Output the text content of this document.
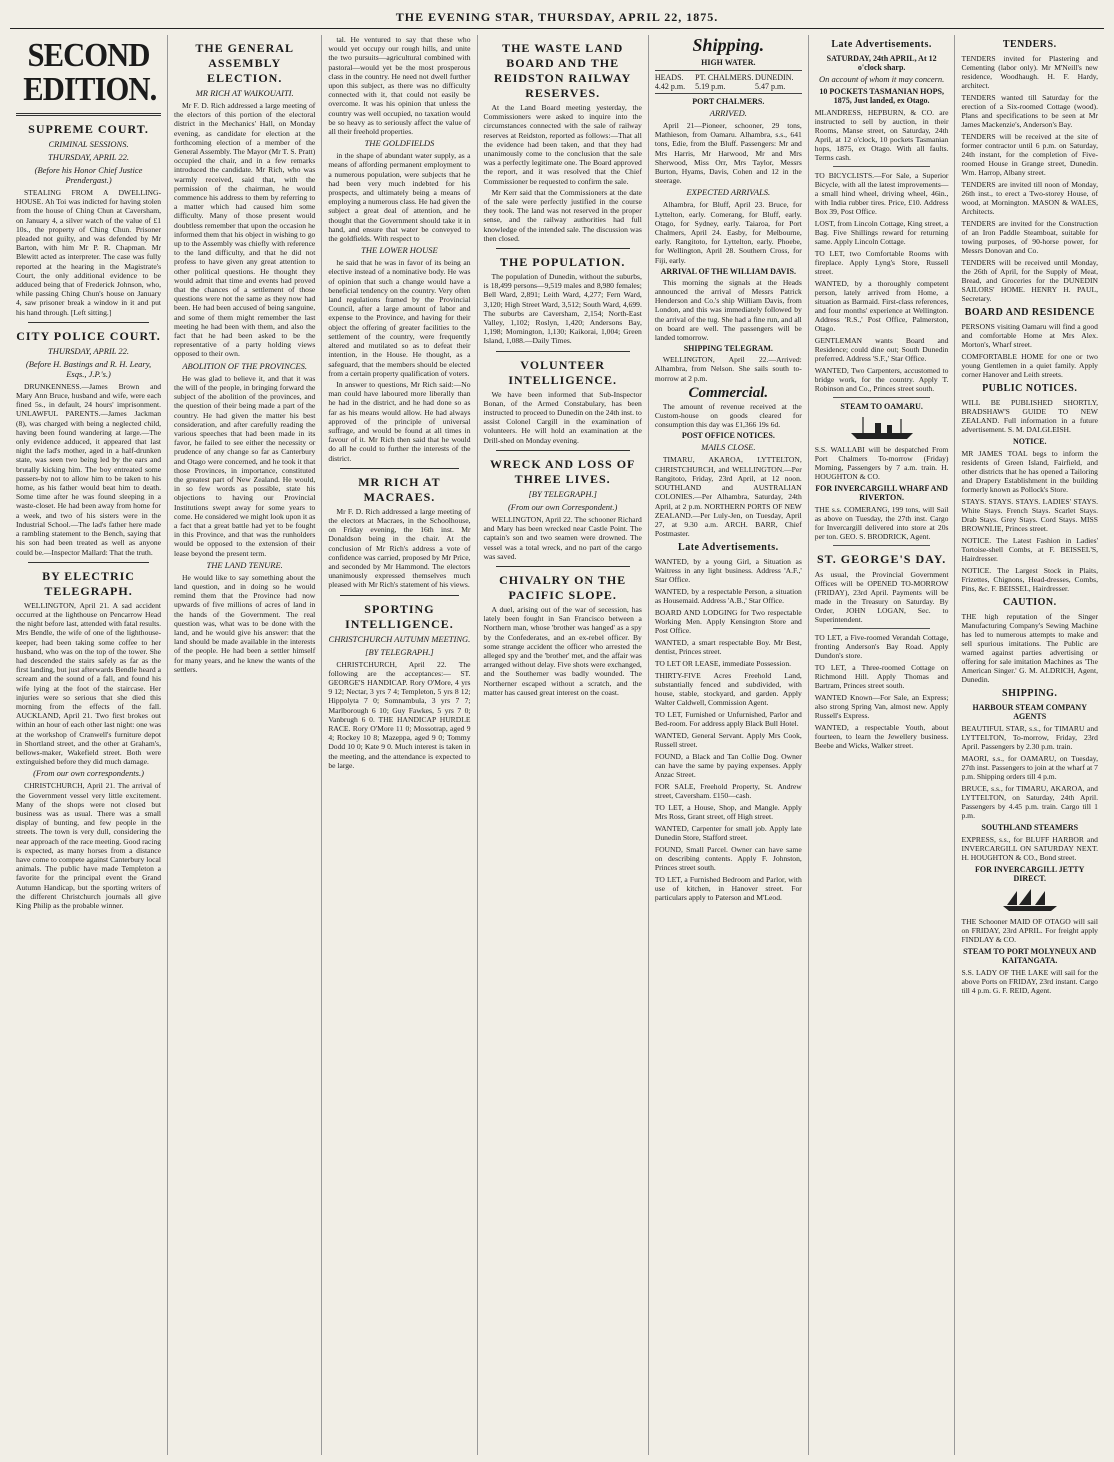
THE EVENING STAR, THURSDAY, APRIL 22, 1875.
SECOND EDITION.
SUPREME COURT.
CRIMINAL SESSIONS.
THURSDAY, APRIL 22.
(Before his Honor Chief Justice Prendergast.)

STEALING FROM A DWELLING-HOUSE. Ah Toi was indicted for having stolen from the house of Ching Chun at Caversham, on January 4, a silver watch of the value of £1 10s., the property of Ching Chun. Prisoner pleaded not guilty, and was defended by Mr Barton, with him Mr P. R. Chapman. Mr Blewitt acted as interpreter. The case was fully reported at the hearing in the Magistrate's Court, the only additional evidence to be adduced being that of Frederick Johnson, who, while passing Ching Chun's house on January 4, saw prisoner break a window in it and put his hand through. [Left sitting.]

CITY POLICE COURT.
THURSDAY, APRIL 22.
(Before H. Bastings and R. H. Leary, Esqs., J.P.'s.)

DRUNKENNESS.—James Brown and Mary Ann Bruce, husband and wife, were each fined 5s., in default, 24 hours' imprisonment. UNLAWFUL PARENTS.—James Jackman (8), was charged with being a neglected child, having been found wandering at large.—The only evidence adduced, it appeared that last night the lad's mother, aged in a half-drunken state, was seen two being led by the ears and brutally kicking him. The boy entreated some passers-by not to allow him to be taken to his home, as his father would beat him to death. Some time after he was found sleeping in a waste-closet. He had been away from home for a week, and two of his sisters were in the Industrial School.—The lad's father here made a rambling statement to the Bench, saying that his son had been treated as well as anyone could be.—Inspector Mallard: That the truth.

BY ELECTRIC TELEGRAPH.

WELLINGTON, April 21. A sad accident occurred at the lighthouse on Pencarrow Head the night before last, attended with fatal results. Mrs Bendle, the wife of one of the lighthouse-keeper, had been taking some coffee to her husband, who was on the top of the tower. She had descended the stairs safely as far as the first landing, but just afterwards Bendle heard a scream and the sound of a fall, and found his wife lying at the foot of the staircase. Her injuries were so serious that she died this morning from the effects of the fall. AUCKLAND, April 21. Two first brokes out within an hour of each other last night: one was at the workshop of Cranwell's furniture depot in Shortland street, and the other at Graham's, bellows-maker, Wakefield street. Both were extinguished before they did much damage.

(From our own correspondents.)

CHRISTCHURCH, April 21. The arrival of the Government vessel very little excitement. Many of the shops were not closed but business was as usual. There was a small display of bunting, and few people in the streets. The town is very dull, considering the near approach of the race meeting. Good racing is expected, as many horses from a distance have come to compete against Canterbury local animals. The public have made Templeton a favorite for the principal event the Grand Autumn Handicap, but the sporting writers of the different Christchurch journals all give King Philip as the probable winner.

THE GENERAL ASSEMBLY ELECTION.
MR RICH AT WAIKOUAITI.

Mr F. D. Rich addressed a large meeting of the electors of this portion of the electoral district in the Mechanics' Hall, on Monday evening, as candidate for election at the forthcoming election of a member of the General Assembly. The Mayor (Mr T. S. Pratt) occupied the chair, and in a few remarks introduced the candidate. Mr Rich, who was warmly received, said that, with the permission of the chairman, he would commence his address to them by referring to a matter which had caused him some difficulty. Many of those present would doubtless remember that upon the occasion he informed them that his object in wishing to go up to the Assembly was chiefly with reference to the land difficulty, and that he did not profess to have given any great attention to other political questions. He thought they would admit that time and events had proved that the chances of a settlement of those questions were not the same as they now had been. He had been accused of being sanguine, and some of them might remember the last meeting he had been with them, and also the fact that he had been asked to be the representative of a party holding views opposed to their own.

ABOLITION OF THE PROVINCES.

He was glad to believe it, and that it was the will of the people, in bringing forward the subject of the abolition of the provinces, and the question of their being made a part of the country. He had given the matter his best consideration, and after carefully reading the various speeches that had been made in its favor, he failed to see either the necessity or prudence of any change so far as Canterbury and Otago were concerned, and he took it that those Provinces, in importance, constituted the greatest part of New Zealand. He would, in so few words as possible, state his objections to having our Provincial Institutions swept away for some years to come. He considered we might look upon it as a fact that a great battle had yet to be fought in this Province, and that was the runholders would be opposed to the extension of their lease beyond the present term.

THE LAND TENURE.

He would like to say something about the land question, and in doing so he would remind them that the Province had now upwards of five millions of acres of land in the hands of the Government. The real question was, what was to be done with the land, and he would give his answer: that the land should be made available in the interests of the people. He had been a settler himself for many years, and he knew the wants of the settlers.

tal. He ventured to say that these who would yet occupy our rough hills, and unite the two pursuits—agricultural combined with pastoral—would yet be the most prosperous class in the country. He need not dwell further upon this subject, as there was no difficulty connected with it, that could not easily be overcome. It was his opinion that unless the country was well occupied, no taxation would be so heavy as to seriously affect the value of all their freehold properties.

THE GOLDFIELDS

in the shape of abundant water supply, as a means of affording permanent employment to a numerous population, were subjects that he had been very much indebted for his prospects, and ultimately being a means of employing a numerous class. He had given the subject a great deal of attention, and he thought that the Government should take it in hand, and ensure that water be conveyed to the goldfields. With respect to

THE LOWER HOUSE

he said that he was in favor of its being an elective instead of a nominative body. He was of opinion that such a change would have a beneficial tendency on the country. Very often land regulations framed by the Provincial Council, after a large amount of labor and expense to the Province, and having for their object the offering of greater facilities to the settlement of the country, were frequently altered and mutilated so as to defeat their intention, in the House. He thought, as a safeguard, that the members should be elected from a certain property qualification of voters.

In answer to questions, Mr Rich said:—No man could have laboured more liberally than he had in the district, and he had done so as far as his means would allow. He had always approved of the principle of universal suffrage, and would be found at all times in favour of it. Mr Rich then said that he would do all he could to further the interests of the district.

MR RICH AT MACRAES.

Mr F. D. Rich addressed a large meeting of the electors at Macraes, in the Schoolhouse, on Friday evening, the 16th inst. Mr Donaldson being in the chair. At the conclusion of Mr Rich's address a vote of confidence was carried, proposed by Mr Price, and seconded by Mr Hammond. The electors unanimously expressed themselves much pleased with Mr Rich's statement of his views.

SPORTING INTELLIGENCE.
CHRISTCHURCH AUTUMN MEETING.
[BY TELEGRAPH.]

CHRISTCHURCH, April 22. The following are the acceptances:— ST. GEORGE'S HANDICAP. Rory O'More, 4 yrs 9 12; Nectar, 3 yrs 7 4; Templeton, 5 yrs 8 12; Hippolyta 7 0; Somnambula, 3 yrs 7 7; Marlborough 6 10; Guy Fawkes, 5 yrs 7 0; Vanbrugh 6 0. THE HANDICAP HURDLE RACE. Rory O'More 11 0; Mossotrap, aged 9 4; Rockey 10 8; Mazeppa, aged 9 0; Tommy Dodd 10 0; Kate 9 0. Much interest is taken in the meeting, and the attendance is expected to be large.

THE WASTE LAND BOARD AND THE REIDSTON RAILWAY RESERVES.

At the Land Board meeting yesterday, the Commissioners were asked to inquire into the circumstances connected with the sale of railway reserves at Reidston, reported as follows:—That all the evidence had been taken, and that they had unanimously come to the conclusion that the sale was a perfectly legitimate one. The Board approved the report, and it was resolved that the Chief Commissioner be requested to confirm the sale.

Mr Kerr said that the Commissioners at the date of the sale were perfectly justified in the course they took. The land was not reserved in the proper sense, and the railway authorities had full knowledge of the intended sale. The discussion was then closed.

THE POPULATION.

The population of Dunedin, without the suburbs, is 18,499 persons—9,519 males and 8,980 females; Bell Ward, 2,891; Leith Ward, 4,277; Fern Ward, 3,120; High Street Ward, 3,512; South Ward, 4,699. The suburbs are Caversham, 2,154; North-East Valley, 1,102; Roslyn, 1,420; Andersons Bay, 1,198; Mornington, 1,130; Kaikorai, 1,004; Green Island, 1,088.—Daily Times.

VOLUNTEER INTELLIGENCE.

We have been informed that Sub-Inspector Bonan, of the Armed Constabulary, has been instructed to proceed to Dunedin on the 24th inst. to assist Colonel Cargill in the examination of volunteers. He will hold an examination at the Drill-shed on Monday evening.

WRECK AND LOSS OF THREE LIVES.
[BY TELEGRAPH.]
(From our own Correspondent.)

WELLINGTON, April 22. The schooner Richard and Mary has been wrecked near Castle Point. The captain's son and two seamen were drowned. The vessel was a total wreck, and no part of the cargo was saved.

CHIVALRY ON THE PACIFIC SLOPE.

A duel, arising out of the war of secession, has lately been fought in San Francisco between a Northern man, whose 'brother was hanged' as a spy by the Confederates, and an ex-rebel officer. By some strange accident the officer who arrested the alleged spy and the 'brother' met, and the affair was arranged without delay. Five shots were exchanged, and the Southerner was badly wounded. The Northerner escaped without a scratch, and the matter has caused great interest on the coast.

Shipping.
HIGH WATER.
HEADS. 4.42 p.m.
PT. CHALMERS. 5.19 p.m.
DUNEDIN. 5.47 p.m.
PORT CHALMERS.
ARRIVED.

April 21—Pioneer, schooner, 29 tons, Mathieson, from Oamaru. Alhambra, s.s., 641 tons, Edie, from the Bluff. Passengers: Mr and Mrs Harris, Mr Harwood, Mr and Mrs Sherwood, Miss Orr, Mrs Taylor, Messrs Burton, Hyams, Davis, Cohen and 12 in the steerage.

EXPECTED ARRIVALS.

Alhambra, for Bluff, April 23. Bruce, for Lyttelton, early. Comerang, for Bluff, early. Otago, for Sydney, early. Taiaroa, for Port Chalmers, April 24. Easby, for Melbourne, early. Rangitoto, for Lyttelton, early. Phoebe, for Wellington, April 28. Southern Cross, for Fiji, early.

ARRIVAL OF THE WILLIAM DAVIS.

This morning the signals at the Heads announced the arrival of Messrs Patrick Henderson and Co.'s ship William Davis, from London, and this was immediately followed by the arrival of the tug. She had a fine run, and all on board are well. The passengers will be landed tomorrow.

SHIPPING TELEGRAM.

WELLINGTON, April 22.—Arrived: Alhambra, from Nelson. She sails south to-morrow at 2 p.m.

Commercial.

The amount of revenue received at the Custom-house on goods cleared for consumption this day was £1,366 19s 6d.

POST OFFICE NOTICES.
MAILS CLOSE.

TIMARU, AKAROA, LYTTELTON, CHRISTCHURCH, and WELLINGTON.—Per Rangitoto, Friday, 23rd April, at 12 noon. SOUTHLAND and AUSTRALIAN COLONIES.—Per Alhambra, Saturday, 24th April, at 2 p.m. NORTHERN PORTS OF NEW ZEALAND.—Per Luly-Jen, on Tuesday, April 27, at 9.30 a.m. ARCH. BARR, Chief Postmaster.

Late Advertisements.
WANTED, by a young Girl, a Situation as Waitress in any light business. Address 'A.F.,' Star Office.
WANTED, by a respectable Person, a situation as Housemaid. Address 'A.B.,' Star Office.
BOARD AND LODGING for Two respectable Working Men. Apply Kensington Store and Post Office.
WANTED, a smart respectable Boy. Mr Best, dentist, Princes street.
TO LET OR LEASE, immediate Possession.
THIRTY-FIVE Acres Freehold Land, substantially fenced and subdivided, with house, stable, stockyard, and garden. Apply Walter Caldwell, Commission Agent.
TO LET, Furnished or Unfurnished, Parlor and Bed-room. For address apply Black Bull Hotel.
WANTED, General Servant. Apply Mrs Cook, Russell street.
FOUND, a Black and Tan Collie Dog. Owner can have the same by paying expenses. Apply Anzac Street.
FOR SALE, Freehold Property, St. Andrew street, Caversham. £150—cash.
TO LET, a House, Shop, and Mangle. Apply Mrs Ross, Grant street, off High street.
WANTED, Carpenter for small job. Apply late Dunedin Store, Stafford street.
FOUND, Small Parcel. Owner can have same on describing contents. Apply F. Johnston, Princes street south.
TO LET, a Furnished Bedroom and Parlor, with use of kitchen, in Hanover street. For particulars apply to Paterson and M'Leod.
Late Advertisements.
SATURDAY, 24th APRIL, At 12 o'clock sharp.
On account of whom it may concern.
10 POCKETS TASMANIAN HOPS, 1875, Just landed, ex Otago.
MLANDRESS, HEPBURN, & CO. are instructed to sell by auction, in their Rooms, Manse street, on Saturday, 24th April, at 12 o'clock, 10 pockets Tasmanian hops, 1875, ex Otago. With all faults. Terms cash.
TO BICYCLISTS.—For Sale, a Superior Bicycle, with all the latest improvements—a small hind wheel, driving wheel, 46in., with India rubber tires. Price, £10. Address Box 39, Post Office.
LOST, from Lincoln Cottage, King street, a Bag. Five Shillings reward for returning same. Apply Lincoln Cottage.
TO LET, two Comfortable Rooms with fireplace. Apply Lyng's Store, Russell street.
WANTED, by a thoroughly competent person, lately arrived from Home, a situation as Barmaid. First-class references, and four months' experience at Wellington. Address 'R.S.,' Post Office, Palmerston, Otago.
GENTLEMAN wants Board and Residence; could dine out; South Dunedin preferred. Address 'S.F.,' Star Office.
WANTED, Two Carpenters, accustomed to bridge work, for the country. Apply T. Robinson and Co., Princes street south.
STEAM TO OAMARU.
S.S. WALLABI will be despatched From Port Chalmers To-morrow (Friday) Morning, Passengers by 7 a.m. train. H. HOUGHTON & CO.
FOR INVERCARGILL WHARF AND RIVERTON.
THE s.s. COMERANG, 199 tons, will Sail as above on Tuesday, the 27th inst. Cargo for Invercargill delivered into store at 20s per ton. GEO. S. BRODRICK, Agent.
ST. GEORGE'S DAY.
As usual, the Provincial Government Offices will be OPENED TO-MORROW (FRIDAY), 23rd April. Payments will be made in the Treasury on Saturday. By Order, JOHN LOGAN, Sec. to Superintendent.
TO LET, a Five-roomed Verandah Cottage, fronting Anderson's Bay Road. Apply Dundon's store.
TO LET, a Three-roomed Cottage on Richmond Hill. Apply Thomas and Bartram, Princes street south.
WANTED Known—For Sale, an Express; also strong Spring Van, almost new. Apply Russell's Express.
WANTED, a respectable Youth, about fourteen, to learn the Jewellery business. Beebe and Wicks, Walker street.
TENDERS.
TENDERS invited for Plastering and Cementing (labor only). Mr M'Neill's new residence, Woodhaugh. H. F. Hardy, architect.
TENDERS wanted till Saturday for the erection of a Six-roomed Cottage (wood). Plans and specifications to be seen at Mr James Mackenzie's, Anderson's Bay.
TENDERS will be received at the site of former contractor until 6 p.m. on Saturday, 24th instant, for the completion of Five-roomed House in Grange street, Dunedin. Wm. Harrop, Albany street.
TENDERS are invited till noon of Monday, 26th inst., to erect a Two-storey House, of wood, at Mornington. MASON & WALES, Architects.
TENDERS are invited for the Construction of an Iron Paddle Steamboat, suitable for towing purposes, of 90-horse power, for Messrs Donovan and Co.
TENDERS will be received until Monday, the 26th of April, for the Supply of Meat, Bread, and Groceries for the DUNEDIN SAILORS' HOME. HENRY H. PAUL, Secretary.
BOARD AND RESIDENCE
PERSONS visiting Oamaru will find a good and comfortable Home at Mrs Alex. Morton's, Wharf street.
COMFORTABLE HOME for one or two young Gentlemen in a quiet family. Apply corner Hanover and Leith streets.
PUBLIC NOTICES.
WILL BE PUBLISHED SHORTLY, BRADSHAW'S GUIDE TO NEW ZEALAND. Full information in a future advertisement. S. M. DALGLEISH.
NOTICE.
MR JAMES TOAL begs to inform the residents of Green Island, Fairfield, and other districts that he has opened a Tailoring and Drapery Establishment in the building formerly known as Pollock's Store.
STAYS. STAYS. STAYS. LADIES' STAYS. White Stays. French Stays. Scarlet Stays. Drab Stays. Grey Stays. Cord Stays. MISS BROWNLIE, Princes street.
NOTICE. The Latest Fashion in Ladies' Tortoise-shell Combs, at F. BEISSEL'S, Hairdresser.
NOTICE. The Largest Stock in Plaits, Frizettes, Chignons, Head-dresses, Combs, Pins, &c. F. BEISSEL, Hairdresser.
CAUTION.
THE high reputation of the Singer Manufacturing Company's Sewing Machine has led to numerous attempts to make and sell spurious imitations. The Public are warned against parties advertising or offering for sale imitation Machines as 'The American Singer.' G. M. ALDRICH, Agent, Dunedin.
SHIPPING.
HARBOUR STEAM COMPANY AGENTS
BEAUTIFUL STAR, s.s., for TIMARU and LYTTELTON, To-morrow, Friday, 23rd April. Passengers by 2.30 p.m. train.
MAORI, s.s., for OAMARU, on Tuesday, 27th inst. Passengers to join at the wharf at 7 p.m. Shipping orders till 4 p.m.
BRUCE, s.s., for TIMARU, AKAROA, and LYTTELTON, on Saturday, 24th April. Passengers by 4.45 p.m. train. Cargo till 1 p.m.
SOUTHLAND STEAMERS
EXPRESS, s.s., for BLUFF HARBOR and INVERCARGILL ON SATURDAY NEXT. H. HOUGHTON & CO., Bond street.
FOR INVERCARGILL JETTY DIRECT.
THE Schooner MAID OF OTAGO will sail on FRIDAY, 23rd APRIL. For freight apply FINDLAY & CO.
STEAM TO PORT MOLYNEUX AND KAITANGATA.
S.S. LADY OF THE LAKE will sail for the above Ports on FRIDAY, 23rd instant. Cargo till 4 p.m. G. F. REID, Agent.
